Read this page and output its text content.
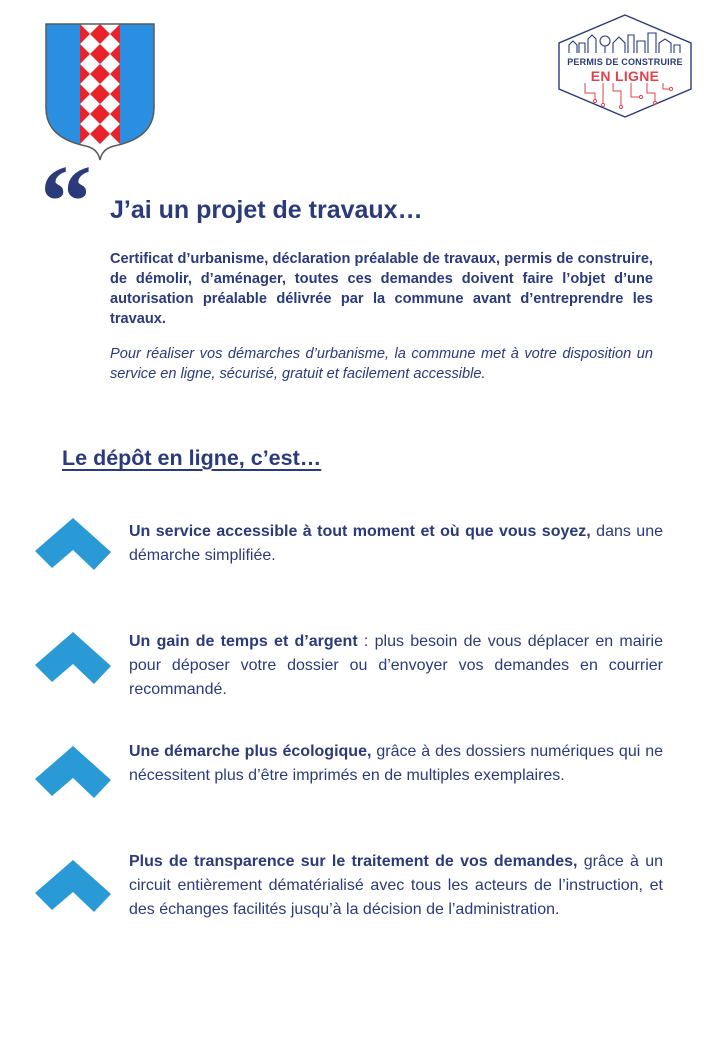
PERMIS DE CONSTRUIRE
EN LIGNE
“ J’ai un projet de travaux…

Certificat d’urbanisme, déclaration préalable de travaux, permis de construire, de démolir, d’aménager, toutes ces demandes doivent faire l’objet d’une autorisation préalable délivrée par la commune avant d’entreprendre les travaux.

Pour réaliser vos démarches d’urbanisme, la commune met à votre disposition un service en ligne, sécurisé, gratuit et facilement accessible.

Le dépôt en ligne, c’est…
Un service accessible à tout moment et où que vous soyez, dans une démarche simplifiée.
Un gain de temps et d’argent : plus besoin de vous déplacer en mairie pour déposer votre dossier ou d’envoyer vos demandes en courrier recommandé.
Une démarche plus écologique, grâce à des dossiers numériques qui ne nécessitent plus d’être imprimés en de multiples exemplaires.
Plus de transparence sur le traitement de vos demandes, grâce à un circuit entièrement dématérialisé avec tous les acteurs de l’instruction, et des échanges facilités jusqu’à la décision de l’administration.
